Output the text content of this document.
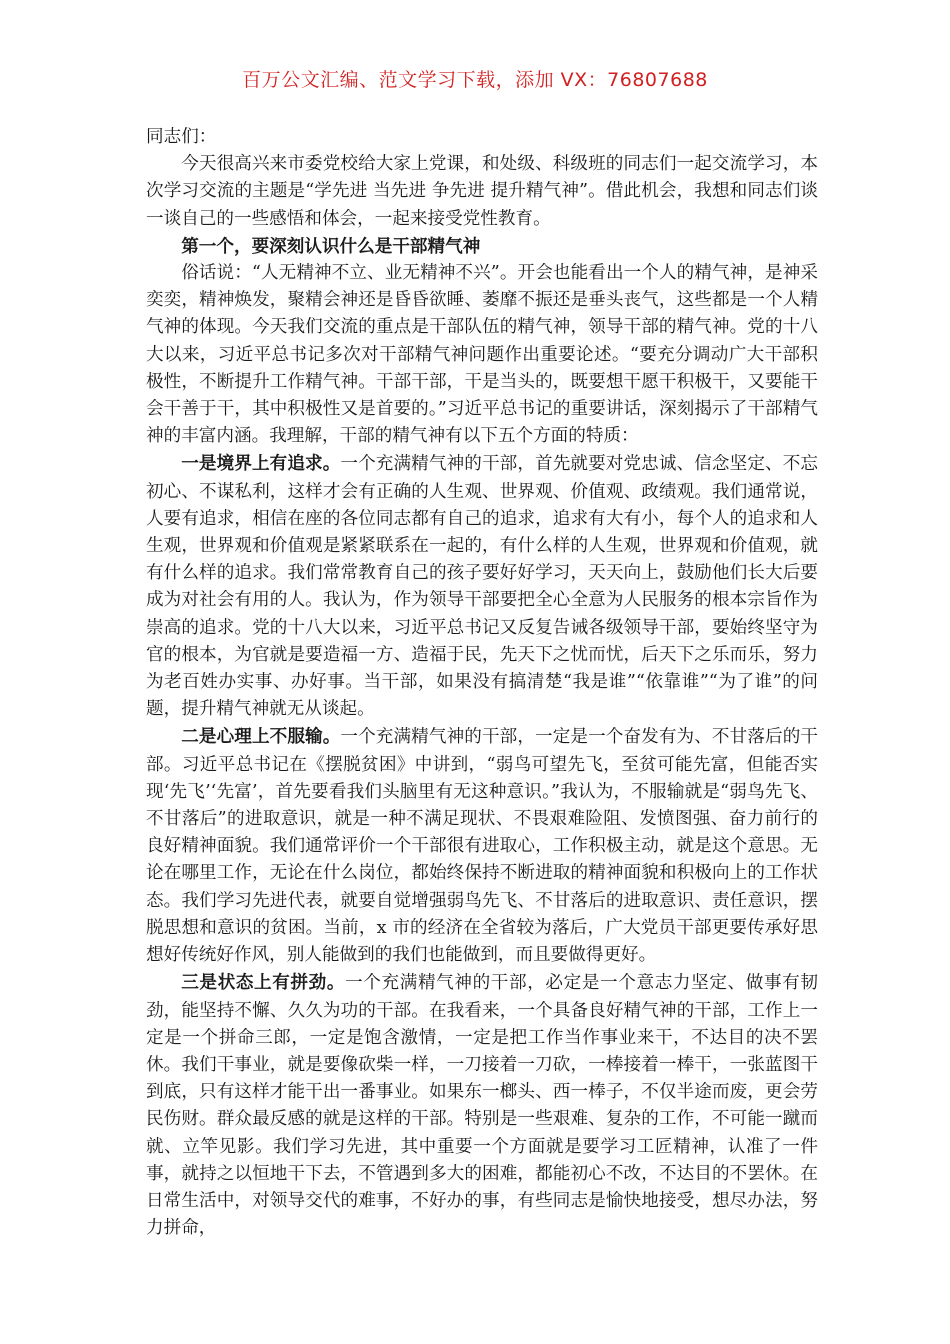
百万公文汇编、范文学习下载，添加 VX：76807688

同志们：

今天很高兴来市委党校给大家上党课，和处级、科级班的同志们一起交流学习，本次学习交流的主题是“学先进 当先进 争先进 提升精气神”。借此机会，我想和同志们谈一谈自己的一些感悟和体会，一起来接受党性教育。

第一个，要深刻认识什么是干部精气神

俗话说：“人无精神不立、业无精神不兴”。开会也能看出一个人的精气神，是神采奕奕，精神焕发，聚精会神还是昏昏欲睡、萎靡不振还是垂头丧气，这些都是一个人精气神的体现。今天我们交流的重点是干部队伍的精气神，领导干部的精气神。党的十八大以来，习近平总书记多次对干部精气神问题作出重要论述。“要充分调动广大干部积极性，不断提升工作精气神。干部干部，干是当头的，既要想干愿干积极干，又要能干会干善于干，其中积极性又是首要的。”习近平总书记的重要讲话，深刻揭示了干部精气神的丰富内涵。我理解，干部的精气神有以下五个方面的特质：

一是境界上有追求。一个充满精气神的干部，首先就要对党忠诚、信念坚定、不忘初心、不谋私利，这样才会有正确的人生观、世界观、价值观、政绩观。我们通常说，人要有追求，相信在座的各位同志都有自己的追求，追求有大有小，每个人的追求和人生观，世界观和价值观是紧紧联系在一起的，有什么样的人生观，世界观和价值观，就有什么样的追求。我们常常教育自己的孩子要好好学习，天天向上，鼓励他们长大后要成为对社会有用的人。我认为，作为领导干部要把全心全意为人民服务的根本宗旨作为崇高的追求。党的十八大以来，习近平总书记又反复告诫各级领导干部，要始终坚守为官的根本，为官就是要造福一方、造福于民，先天下之忧而忧，后天下之乐而乐，努力为老百姓办实事、办好事。当干部，如果没有搞清楚“我是谁”“依靠谁”“为了谁”的问题，提升精气神就无从谈起。

二是心理上不服输。一个充满精气神的干部，一定是一个奋发有为、不甘落后的干部。习近平总书记在《摆脱贫困》中讲到，“弱鸟可望先飞，至贫可能先富，但能否实现‘先飞’‘先富’，首先要看我们头脑里有无这种意识。”我认为，不服输就是“弱鸟先飞、不甘落后”的进取意识，就是一种不满足现状、不畏艰难险阻、发愤图强、奋力前行的良好精神面貌。我们通常评价一个干部很有进取心，工作积极主动，就是这个意思。无论在哪里工作，无论在什么岗位，都始终保持不断进取的精神面貌和积极向上的工作状态。我们学习先进代表，就要自觉增强弱鸟先飞、不甘落后的进取意识、责任意识，摆脱思想和意识的贫困。当前，x 市的经济在全省较为落后，广大党员干部更要传承好思想好传统好作风，别人能做到的我们也能做到，而且要做得更好。

三是状态上有拼劲。一个充满精气神的干部，必定是一个意志力坚定、做事有韧劲，能坚持不懈、久久为功的干部。在我看来，一个具备良好精气神的干部，工作上一定是一个拼命三郎，一定是饱含激情，一定是把工作当作事业来干，不达目的决不罢休。我们干事业，就是要像砍柴一样，一刀接着一刀砍，一棒接着一棒干，一张蓝图干到底，只有这样才能干出一番事业。如果东一榔头、西一棒子，不仅半途而废，更会劳民伤财。群众最反感的就是这样的干部。特别是一些艰难、复杂的工作，不可能一蹴而就、立竿见影。我们学习先进，其中重要一个方面就是要学习工匠精神，认准了一件事，就持之以恒地干下去，不管遇到多大的困难，都能初心不改，不达目的不罢休。在日常生活中，对领导交代的难事，不好办的事，有些同志是愉快地接受，想尽办法，努力拼命，
